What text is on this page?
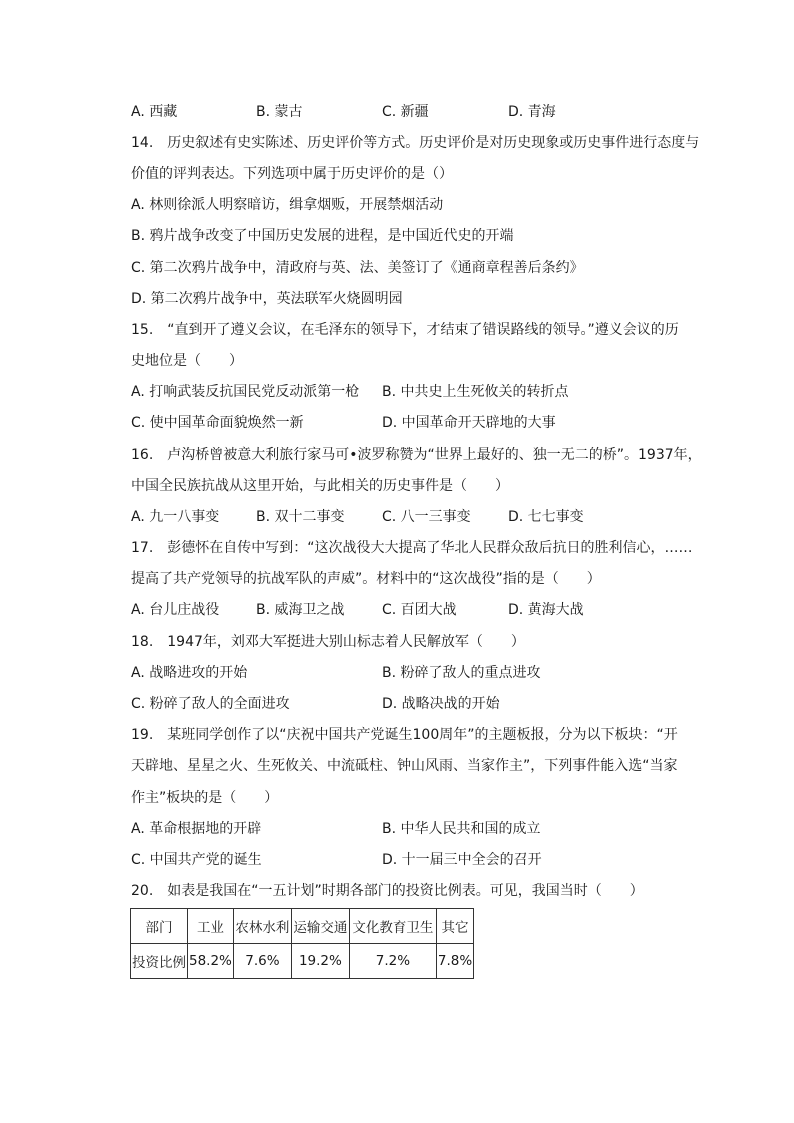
A. 西藏	B. 蒙古	C. 新疆	D. 青海
14.　历史叙述有史实陈述、历史评价等方式。历史评价是对历史现象或历史事件进行态度与
价值的评判表达。下列选项中属于历史评价的是（）
A. 林则徐派人明察暗访，缉拿烟贩，开展禁烟活动
B. 鸦片战争改变了中国历史发展的进程，是中国近代史的开端
C. 第二次鸦片战争中，清政府与英、法、美签订了《通商章程善后条约》
D. 第二次鸦片战争中，英法联军火烧圆明园
15.　“直到开了遵义会议，在毛泽东的领导下，才结束了错误路线的领导。”遵义会议的历
史地位是（　　）
A. 打响武装反抗国民党反动派第一枪 B. 中共史上生死攸关的转折点
C. 使中国革命面貌焕然一新	D. 中国革命开天辟地的大事
16.　卢沟桥曾被意大利旅行家马可•波罗称赞为“世界上最好的、独一无二的桥”。1937年，
中国全民族抗战从这里开始，与此相关的历史事件是（　　）
A. 九一八事变	B. 双十二事变	C. 八一三事变	D. 七七事变
17.　彭德怀在自传中写到：“这次战役大大提高了华北人民群众敌后抗日的胜利信心，……
提高了共产党领导的抗战军队的声威”。材料中的“这次战役”指的是（　　）
A. 台儿庄战役	B. 威海卫之战	C. 百团大战	D. 黄海大战
18.　1947年，刘邓大军挺进大别山标志着人民解放军（　　）
A. 战略进攻的开始	B. 粉碎了敌人的重点进攻
C. 粉碎了敌人的全面进攻	D. 战略决战的开始
19.　某班同学创作了以“庆祝中国共产党诞生100周年”的主题板报，分为以下板块：“开
天辟地、星星之火、生死攸关、中流砥柱、钟山风雨、当家作主”，下列事件能入选“当家
作主”板块的是（　　）
A. 革命根据地的开辟	B. 中华人民共和国的成立
C. 中国共产党的诞生	D. 十一届三中全会的召开
20.　如表是我国在“一五计划”时期各部门的投资比例表。可见，我国当时（　　）
部门	工业	农林水利	运输交通	文化教育卫生	其它
投资比例	58.2%	7.6%	19.2%	7.2%	7.8%
